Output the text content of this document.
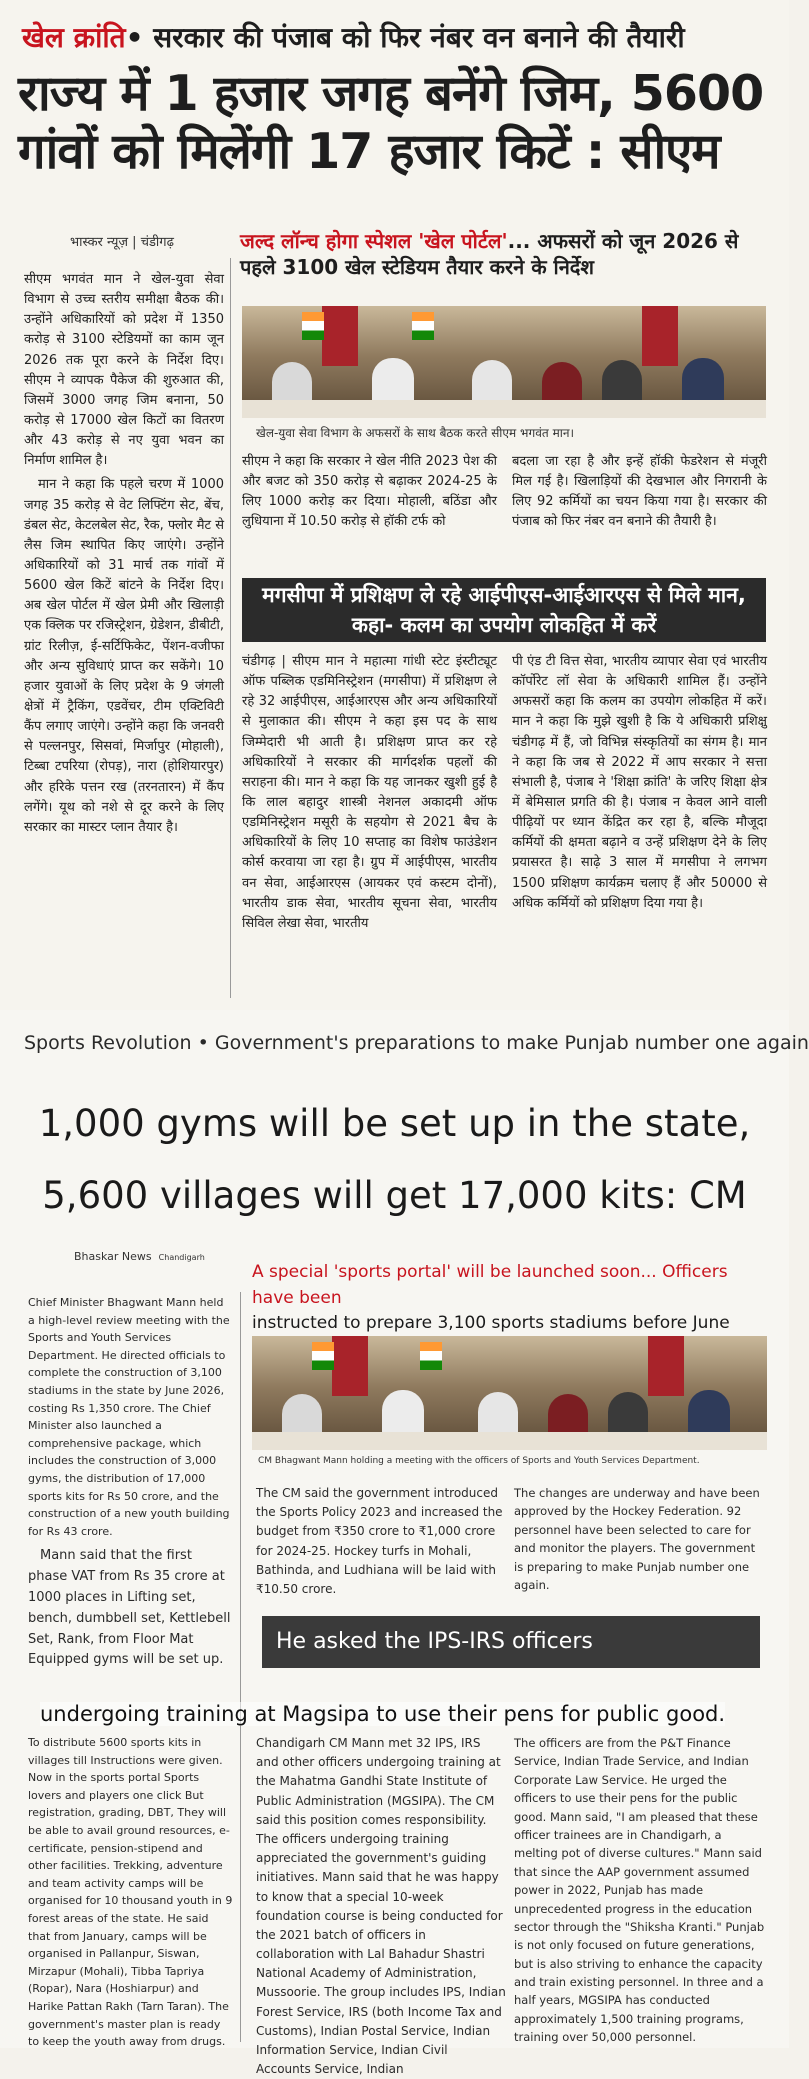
खेल क्रांति• सरकार की पंजाब को फिर नंबर वन बनाने की तैयारी
राज्य में 1 हजार जगह बनेंगे जिम, 5600
गांवों को मिलेंगी 17 हजार किटें : सीएम
भास्कर न्यूज़ | चंडीगढ़	जल्द लॉन्च होगा स्पेशल 'खेल पोर्टल'... अफसरों को जून 2026 से पहले 3100 खेल स्टेडियम तैयार करने के निर्देश

सीएम भगवंत मान ने खेल-युवा सेवा विभाग से उच्च स्तरीय समीक्षा बैठक की। उन्होंने अधिकारियों को प्रदेश में 1350 करोड़ से 3100 स्टेडियमों का काम जून 2026 तक पूरा करने के निर्देश दिए। सीएम ने व्यापक पैकेज की शुरुआत की, जिसमें 3000 जगह जिम बनाना, 50 करोड़ से 17000 खेल किटों का वितरण और 43 करोड़ से नए युवा भवन का निर्माण शामिल है।

मान ने कहा कि पहले चरण में 1000 जगह 35 करोड़ से वेट लिफ्टिंग सेट, बेंच, डंबल सेट, केटलबेल सेट, रैक, फ्लोर मैट से लैस जिम स्थापित किए जाएंगे। उन्होंने अधिकारियों को 31 मार्च तक गांवों में 5600 खेल किटें बांटने के निर्देश दिए। अब खेल पोर्टल में खेल प्रेमी और खिलाड़ी एक क्लिक पर रजिस्ट्रेशन, ग्रेडेशन, डीबीटी, ग्रांट रिलीज़, ई-सर्टिफिकेट, पेंशन-वजीफा और अन्य सुविधाएं प्राप्त कर सकेंगे। 10 हजार युवाओं के लिए प्रदेश के 9 जंगली क्षेत्रों में ट्रैकिंग, एडवेंचर, टीम एक्टिविटी कैंप लगाए जाएंगे। उन्होंने कहा कि जनवरी से पल्लनपुर, सिसवां, मिर्जापुर (मोहाली), टिब्बा टपरिया (रोपड़), नारा (होशियारपुर) और हरिके पत्तन रख (तरनतारन) में कैंप लगेंगे। यूथ को नशे से दूर करने के लिए सरकार का मास्टर प्लान तैयार है।

खेल-युवा सेवा विभाग के अफसरों के साथ बैठक करते सीएम भगवंत मान।
सीएम ने कहा कि सरकार ने खेल नीति 2023 पेश की और बजट को 350 करोड़ से बढ़ाकर 2024-25 के लिए 1000 करोड़ कर दिया। मोहाली, बठिंडा और लुधियाना में 10.50 करोड़ से हॉकी टर्फ को
बदला जा रहा है और इन्हें हॉकी फेडरेशन से मंजूरी मिल गई है। खिलाड़ियों की देखभाल और निगरानी के लिए 92 कर्मियों का चयन किया गया है। सरकार की पंजाब को फिर नंबर वन बनाने की तैयारी है।
मगसीपा में प्रशिक्षण ले रहे आईपीएस-आईआरएस से मिले मान, कहा- कलम का उपयोग लोकहित में करें
चंडीगढ़ | सीएम मान ने महात्मा गांधी स्टेट इंस्टीट्यूट ऑफ पब्लिक एडमिनिस्ट्रेशन (मगसीपा) में प्रशिक्षण ले रहे 32 आईपीएस, आईआरएस और अन्य अधिकारियों से मुलाकात की। सीएम ने कहा इस पद के साथ जिम्मेदारी भी आती है। प्रशिक्षण प्राप्त कर रहे अधिकारियों ने सरकार की मार्गदर्शक पहलों की सराहना की। मान ने कहा कि यह जानकर खुशी हुई है कि लाल बहादुर शास्त्री नेशनल अकादमी ऑफ एडमिनिस्ट्रेशन मसूरी के सहयोग से 2021 बैच के अधिकारियों के लिए 10 सप्ताह का विशेष फाउंडेशन कोर्स करवाया जा रहा है। ग्रुप में आईपीएस, भारतीय वन सेवा, आईआरएस (आयकर एवं कस्टम दोनों), भारतीय डाक सेवा, भारतीय सूचना सेवा, भारतीय सिविल लेखा सेवा, भारतीय
पी एंड टी वित्त सेवा, भारतीय व्यापार सेवा एवं भारतीय कॉर्पोरेट लॉ सेवा के अधिकारी शामिल हैं। उन्होंने अफसरों कहा कि कलम का उपयोग लोकहित में करें। मान ने कहा कि मुझे खुशी है कि ये अधिकारी प्रशिक्षु चंडीगढ़ में हैं, जो विभिन्न संस्कृतियों का संगम है। मान ने कहा कि जब से 2022 में आप सरकार ने सत्ता संभाली है, पंजाब ने 'शिक्षा क्रांति' के जरिए शिक्षा क्षेत्र में बेमिसाल प्रगति की है। पंजाब न केवल आने वाली पीढ़ियों पर ध्यान केंद्रित कर रहा है, बल्कि मौजूदा कर्मियों की क्षमता बढ़ाने व उन्हें प्रशिक्षण देने के लिए प्रयासरत है। साढ़े 3 साल में मगसीपा ने लगभग 1500 प्रशिक्षण कार्यक्रम चलाए हैं और 50000 से अधिक कर्मियों को प्रशिक्षण दिया गया है।
Sports Revolution • Government's preparations to make Punjab number one again
1,000 gyms will be set up in the state,
5,600 villages will get 17,000 kits: CM
Bhaskar News Chandigarh
A special 'sports portal' will be launched soon... Officers have been
instructed to prepare 3,100 sports stadiums before June

Chief Minister Bhagwant Mann held a high-level review meeting with the Sports and Youth Services Department. He directed officials to complete the construction of 3,100 stadiums in the state by June 2026, costing Rs 1,350 crore. The Chief Minister also launched a comprehensive package, which includes the construction of 3,000 gyms, the distribution of 17,000 sports kits for Rs 50 crore, and the construction of a new youth building for Rs 43 crore.

Mann said that the first phase VAT from Rs 35 crore at 1000 places in Lifting set, bench, dumbbell set, Kettlebell Set, Rank, from Floor Mat Equipped gyms will be set up.

undergoing training at Magsipa to use their pens for public good.
To distribute 5600 sports kits in villages till Instructions were given. Now in the sports portal Sports lovers and players one click But registration, grading, DBT, They will be able to avail ground resources, e-certificate, pension-stipend and other facilities. Trekking, adventure and team activity camps will be organised for 10 thousand youth in 9 forest areas of the state. He said that from January, camps will be organised in Pallanpur, Siswan, Mirzapur (Mohali), Tibba Tapriya (Ropar), Nara (Hoshiarpur) and Harike Pattan Rakh (Tarn Taran). The government's master plan is ready to keep the youth away from drugs.
CM Bhagwant Mann holding a meeting with the officers of Sports and Youth Services Department.
The CM said the government introduced the Sports Policy 2023 and increased the budget from ₹350 crore to ₹1,000 crore for 2024-25. Hockey turfs in Mohali, Bathinda, and Ludhiana will be laid with ₹10.50 crore.
The changes are underway and have been approved by the Hockey Federation. 92 personnel have been selected to care for and monitor the players. The government is preparing to make Punjab number one again.
He asked the IPS-IRS officers
Chandigarh CM Mann met 32 IPS, IRS and other officers undergoing training at the Mahatma Gandhi State Institute of Public Administration (MGSIPA). The CM said this position comes responsibility. The officers undergoing training appreciated the government's guiding initiatives. Mann said that he was happy to know that a special 10-week foundation course is being conducted for the 2021 batch of officers in collaboration with Lal Bahadur Shastri National Academy of Administration, Mussoorie. The group includes IPS, Indian Forest Service, IRS (both Income Tax and Customs), Indian Postal Service, Indian Information Service, Indian Civil Accounts Service, Indian
The officers are from the P&T Finance Service, Indian Trade Service, and Indian Corporate Law Service. He urged the officers to use their pens for the public good. Mann said, "I am pleased that these officer trainees are in Chandigarh, a melting pot of diverse cultures." Mann said that since the AAP government assumed power in 2022, Punjab has made unprecedented progress in the education sector through the "Shiksha Kranti." Punjab is not only focused on future generations, but is also striving to enhance the capacity and train existing personnel. In three and a half years, MGSIPA has conducted approximately 1,500 training programs, training over 50,000 personnel.
